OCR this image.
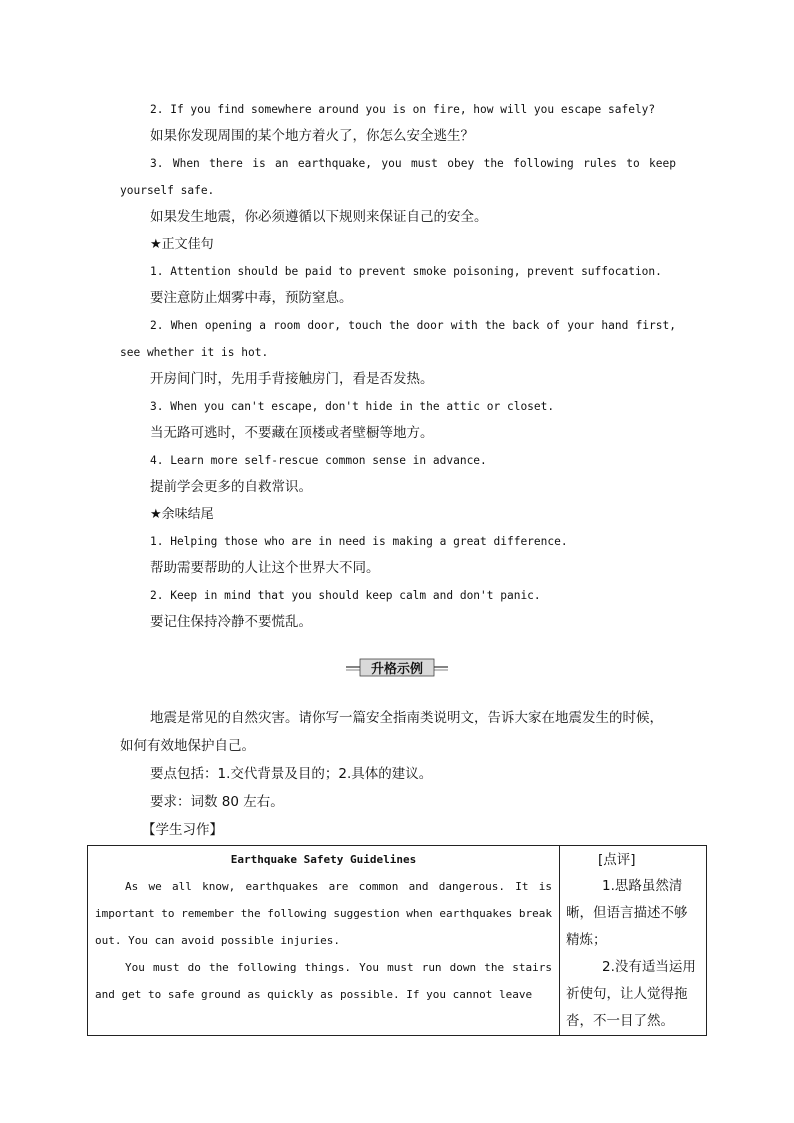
2. If you find somewhere around you is on fire, how will you escape safely?

如果你发现周围的某个地方着火了，你怎么安全逃生？

3. When there is an earthquake, you must obey the following rules to keep yourself safe.

如果发生地震，你必须遵循以下规则来保证自己的安全。

★正文佳句

1. Attention should be paid to prevent smoke poisoning, prevent suffocation.

要注意防止烟雾中毒，预防窒息。

2. When opening a room door, touch the door with the back of your hand first, see whether it is hot.

开房间门时，先用手背接触房门，看是否发热。

3. When you can't escape, don't hide in the attic or closet.

当无路可逃时，不要藏在顶楼或者壁橱等地方。

4. Learn more self-rescue common sense in advance.

提前学会更多的自救常识。

★余味结尾

1. Helping those who are in need is making a great difference.

帮助需要帮助的人让这个世界大不同。

2. Keep in mind that you should keep calm and don't panic.

要记住保持冷静不要慌乱。

升格示例

地震是常见的自然灾害。请你写一篇安全指南类说明文，告诉大家在地震发生的时候，如何有效地保护自己。

要点包括：1.交代背景及目的；2.具体的建议。

要求：词数 80 左右。

【学生习作】

Earthquake Safety Guidelines

As we all know, earthquakes are common and dangerous. It is important to remember the following suggestion when earthquakes break out. You can avoid possible injuries.

You must do the following things. You must run down the stairs and get to safe ground as quickly as possible. If you cannot leave

[点评]

1.思路虽然清晰，但语言描述不够精炼；

2.没有适当运用祈使句，让人觉得拖沓，不一目了然。
